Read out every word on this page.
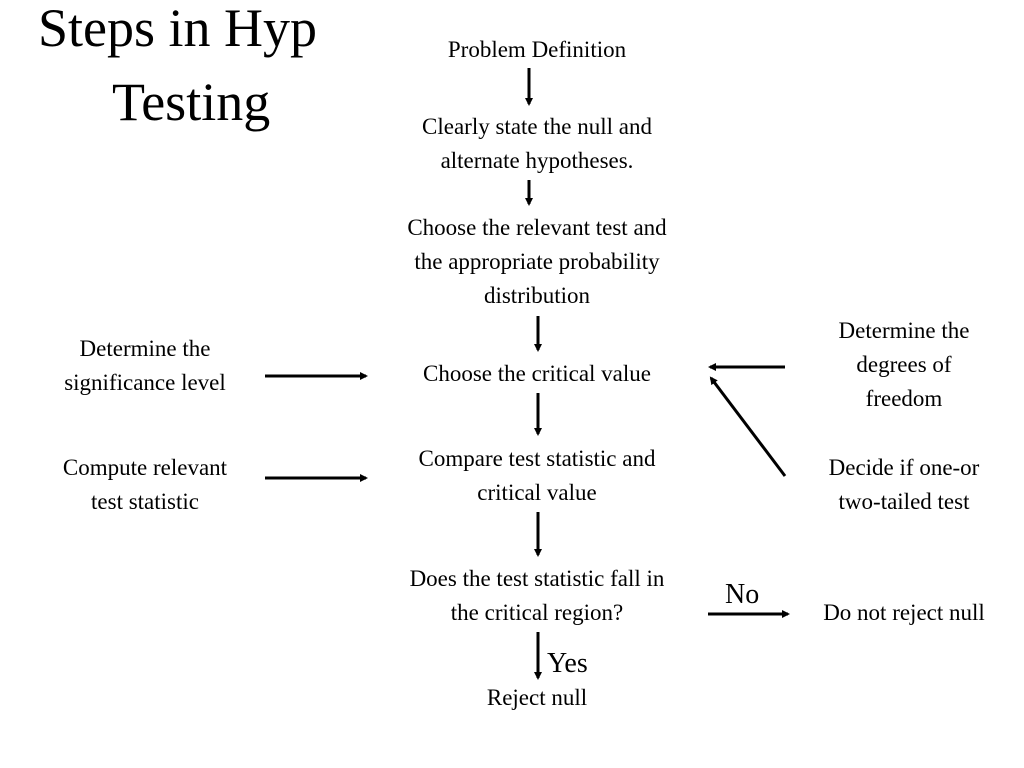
Steps in Hyp
Testing
Problem Definition
Clearly state the null and
alternate hypotheses.
Choose the relevant test and
the appropriate probability
distribution
Choose the critical value
Compare test statistic and
critical value
Does the test statistic fall in
the critical region?
Reject null
Determine the
significance level
Compute relevant
test statistic
Determine the
degrees of
freedom
Decide if one-or
two-tailed test
Do not reject null
No
Yes
